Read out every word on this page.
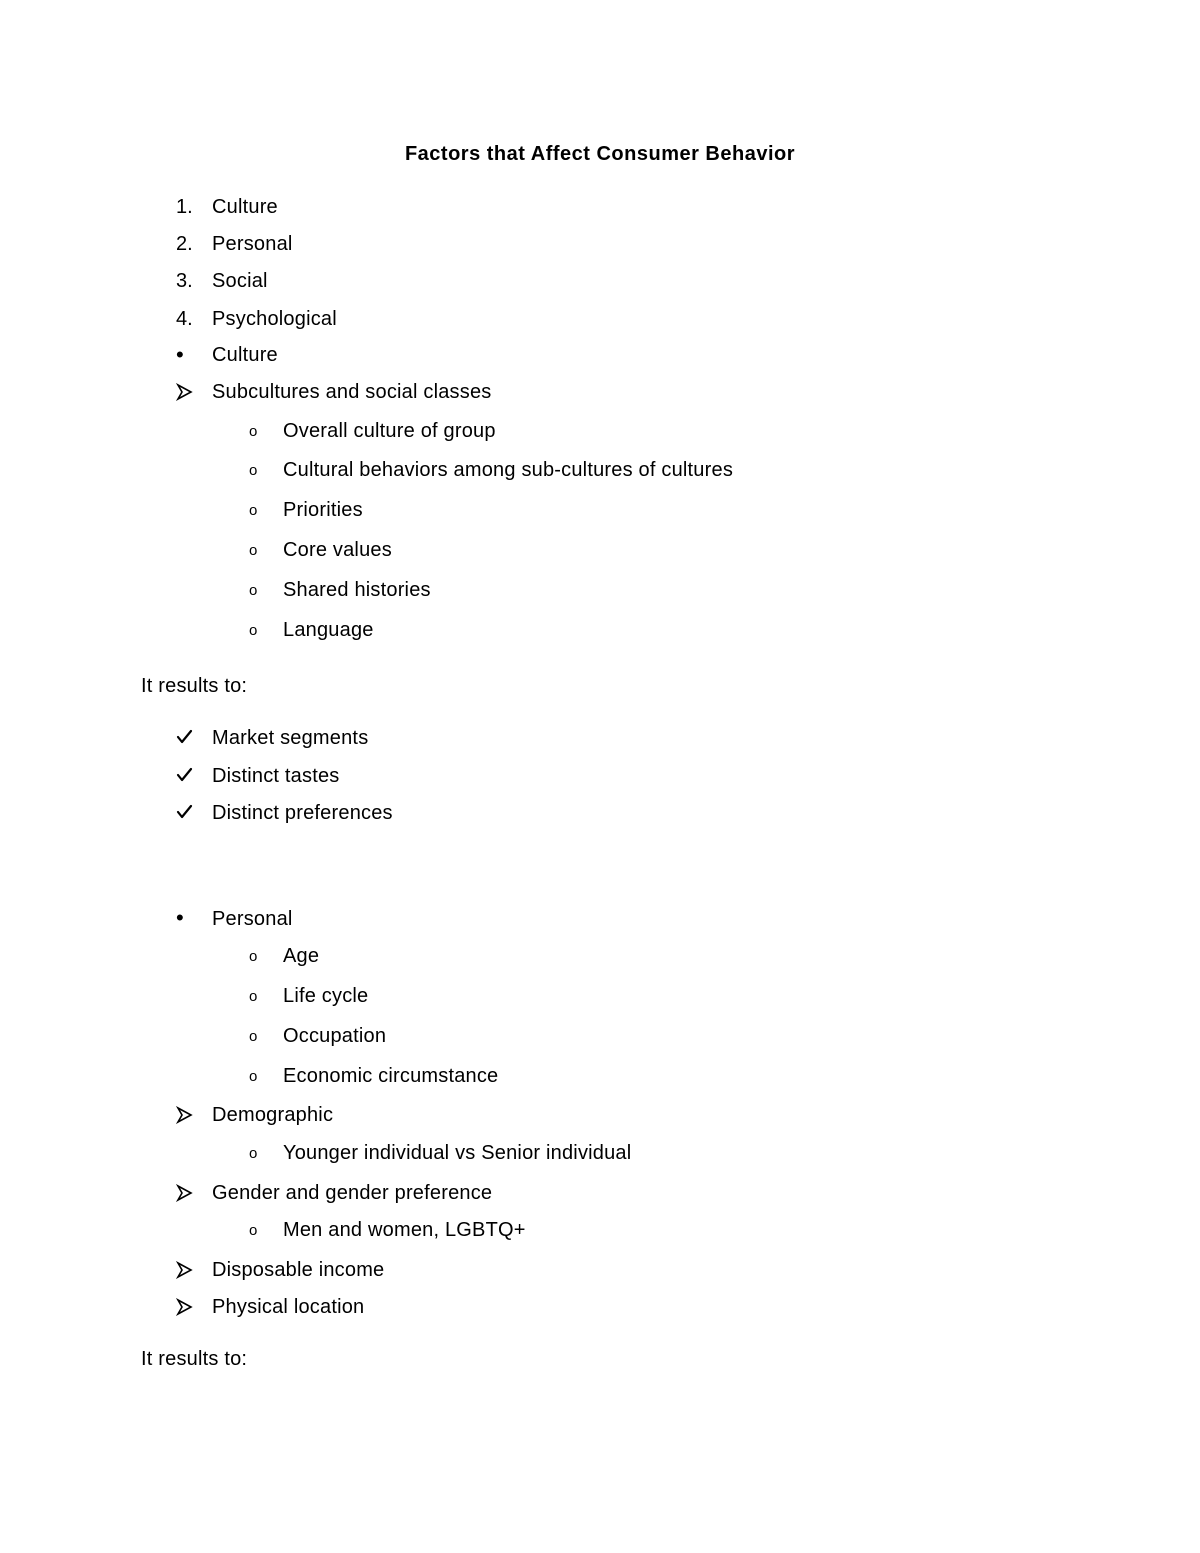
Factors that Affect Consumer Behavior
1. Culture
2. Personal
3. Social
4. Psychological
• Culture
Subcultures and social classes
o Overall culture of group
o Cultural behaviors among sub-cultures of cultures
o Priorities
o Core values
o Shared histories
o Language
It results to:
Market segments
Distinct tastes
Distinct preferences
• Personal
o Age
o Life cycle
o Occupation
o Economic circumstance
Demographic
o Younger individual vs Senior individual
Gender and gender preference
o Men and women, LGBTQ+
Disposable income
Physical location
It results to:
